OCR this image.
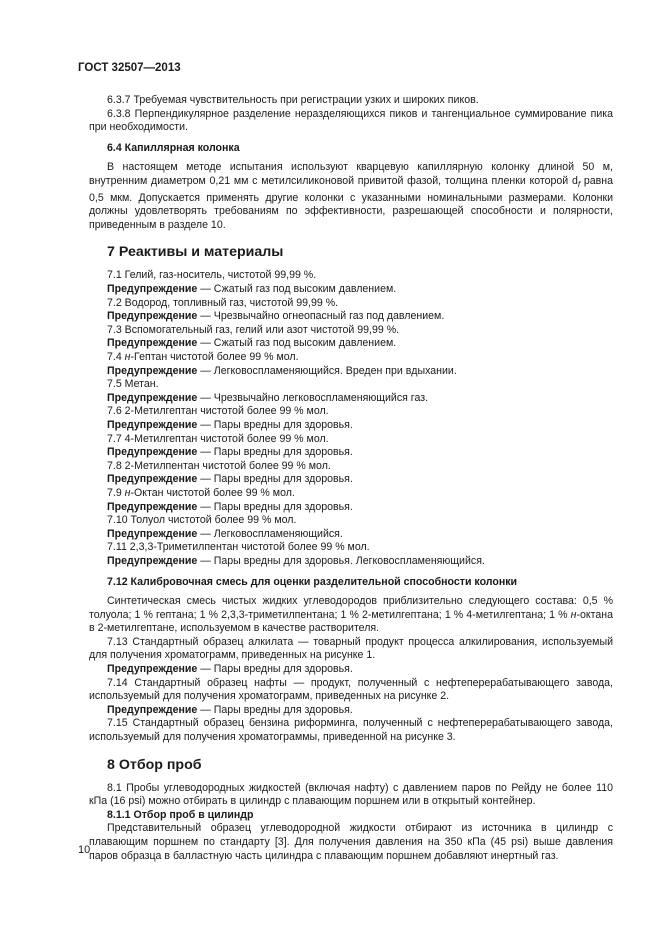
ГОСТ 32507—2013

6.3.7 Требуемая чувствительность при регистрации узких и широких пиков.

6.3.8 Перпендикулярное разделение неразделяющихся пиков и тангенциальное суммирование пика при необходимости.

6.4 Капиллярная колонка

В настоящем методе испытания используют кварцевую капиллярную колонку длиной 50 м, внутренним диаметром 0,21 мм с метилсиликоновой привитой фазой, толщина пленки которой $d_f$ равна 0,5 мкм. Допускается применять другие колонки с указанными номинальными размерами. Колонки должны удовлетворять требованиям по эффективности, разрешающей способности и полярности, приведенным в разделе 10.

7 Реактивы и материалы
7.1 Гелий, газ-носитель, чистотой 99,99 %.
Предупреждение — Сжатый газ под высоким давлением.
7.2 Водород, топливный газ, чистотой 99,99 %.
Предупреждение — Чрезвычайно огнеопасный газ под давлением.
7.3 Вспомогательный газ, гелий или азот чистотой 99,99 %.
Предупреждение — Сжатый газ под высоким давлением.
7.4 н-Гептан чистотой более 99 % мол.
Предупреждение — Легковоспламеняющийся. Вреден при вдыхании.
7.5 Метан.
Предупреждение — Чрезвычайно легковоспламеняющийся газ.
7.6 2-Метилгептан чистотой более 99 % мол.
Предупреждение — Пары вредны для здоровья.
7.7 4-Метилгептан чистотой более 99 % мол.
Предупреждение — Пары вредны для здоровья.
7.8 2-Метилпентан чистотой более 99 % мол.
Предупреждение — Пары вредны для здоровья.
7.9 н-Октан чистотой более 99 % мол.
Предупреждение — Пары вредны для здоровья.
7.10 Толуол чистотой более 99 % мол.
Предупреждение — Легковоспламеняющийся.
7.11 2,3,3-Триметилпентан чистотой более 99 % мол.
Предупреждение — Пары вредны для здоровья. Легковоспламеняющийся.
7.12 Калибровочная смесь для оценки разделительной способности колонки

Синтетическая смесь чистых жидких углеводородов приблизительно следующего состава: 0,5 % толуола; 1 % гептана; 1 % 2,3,3-триметилпентана; 1 % 2-метилгептана; 1 % 4-метилгептана; 1 % н-октана в 2-метилгептане, используемом в качестве растворителя.

7.13 Стандартный образец алкилата — товарный продукт процесса алкилирования, используемый для получения хроматограмм, приведенных на рисунке 1.

Предупреждение — Пары вредны для здоровья.

7.14 Стандартный образец нафты — продукт, полученный с нефтеперерабатывающего завода, используемый для получения хроматограмм, приведенных на рисунке 2.

Предупреждение — Пары вредны для здоровья.

7.15 Стандартный образец бензина риформинга, полученный с нефтеперерабатывающего завода, используемый для получения хроматограммы, приведенной на рисунке 3.

8 Отбор проб

8.1 Пробы углеводородных жидкостей (включая нафту) с давлением паров по Рейду не более 110 кПа (16 psi) можно отбирать в цилиндр с плавающим поршнем или в открытый контейнер.

8.1.1 Отбор проб в цилиндр

Представительный образец углеводородной жидкости отбирают из источника в цилиндр с плавающим поршнем по стандарту [3]. Для получения давления на 350 кПа (45 psi) выше давления паров образца в балластную часть цилиндра с плавающим поршнем добавляют инертный газ.

10
